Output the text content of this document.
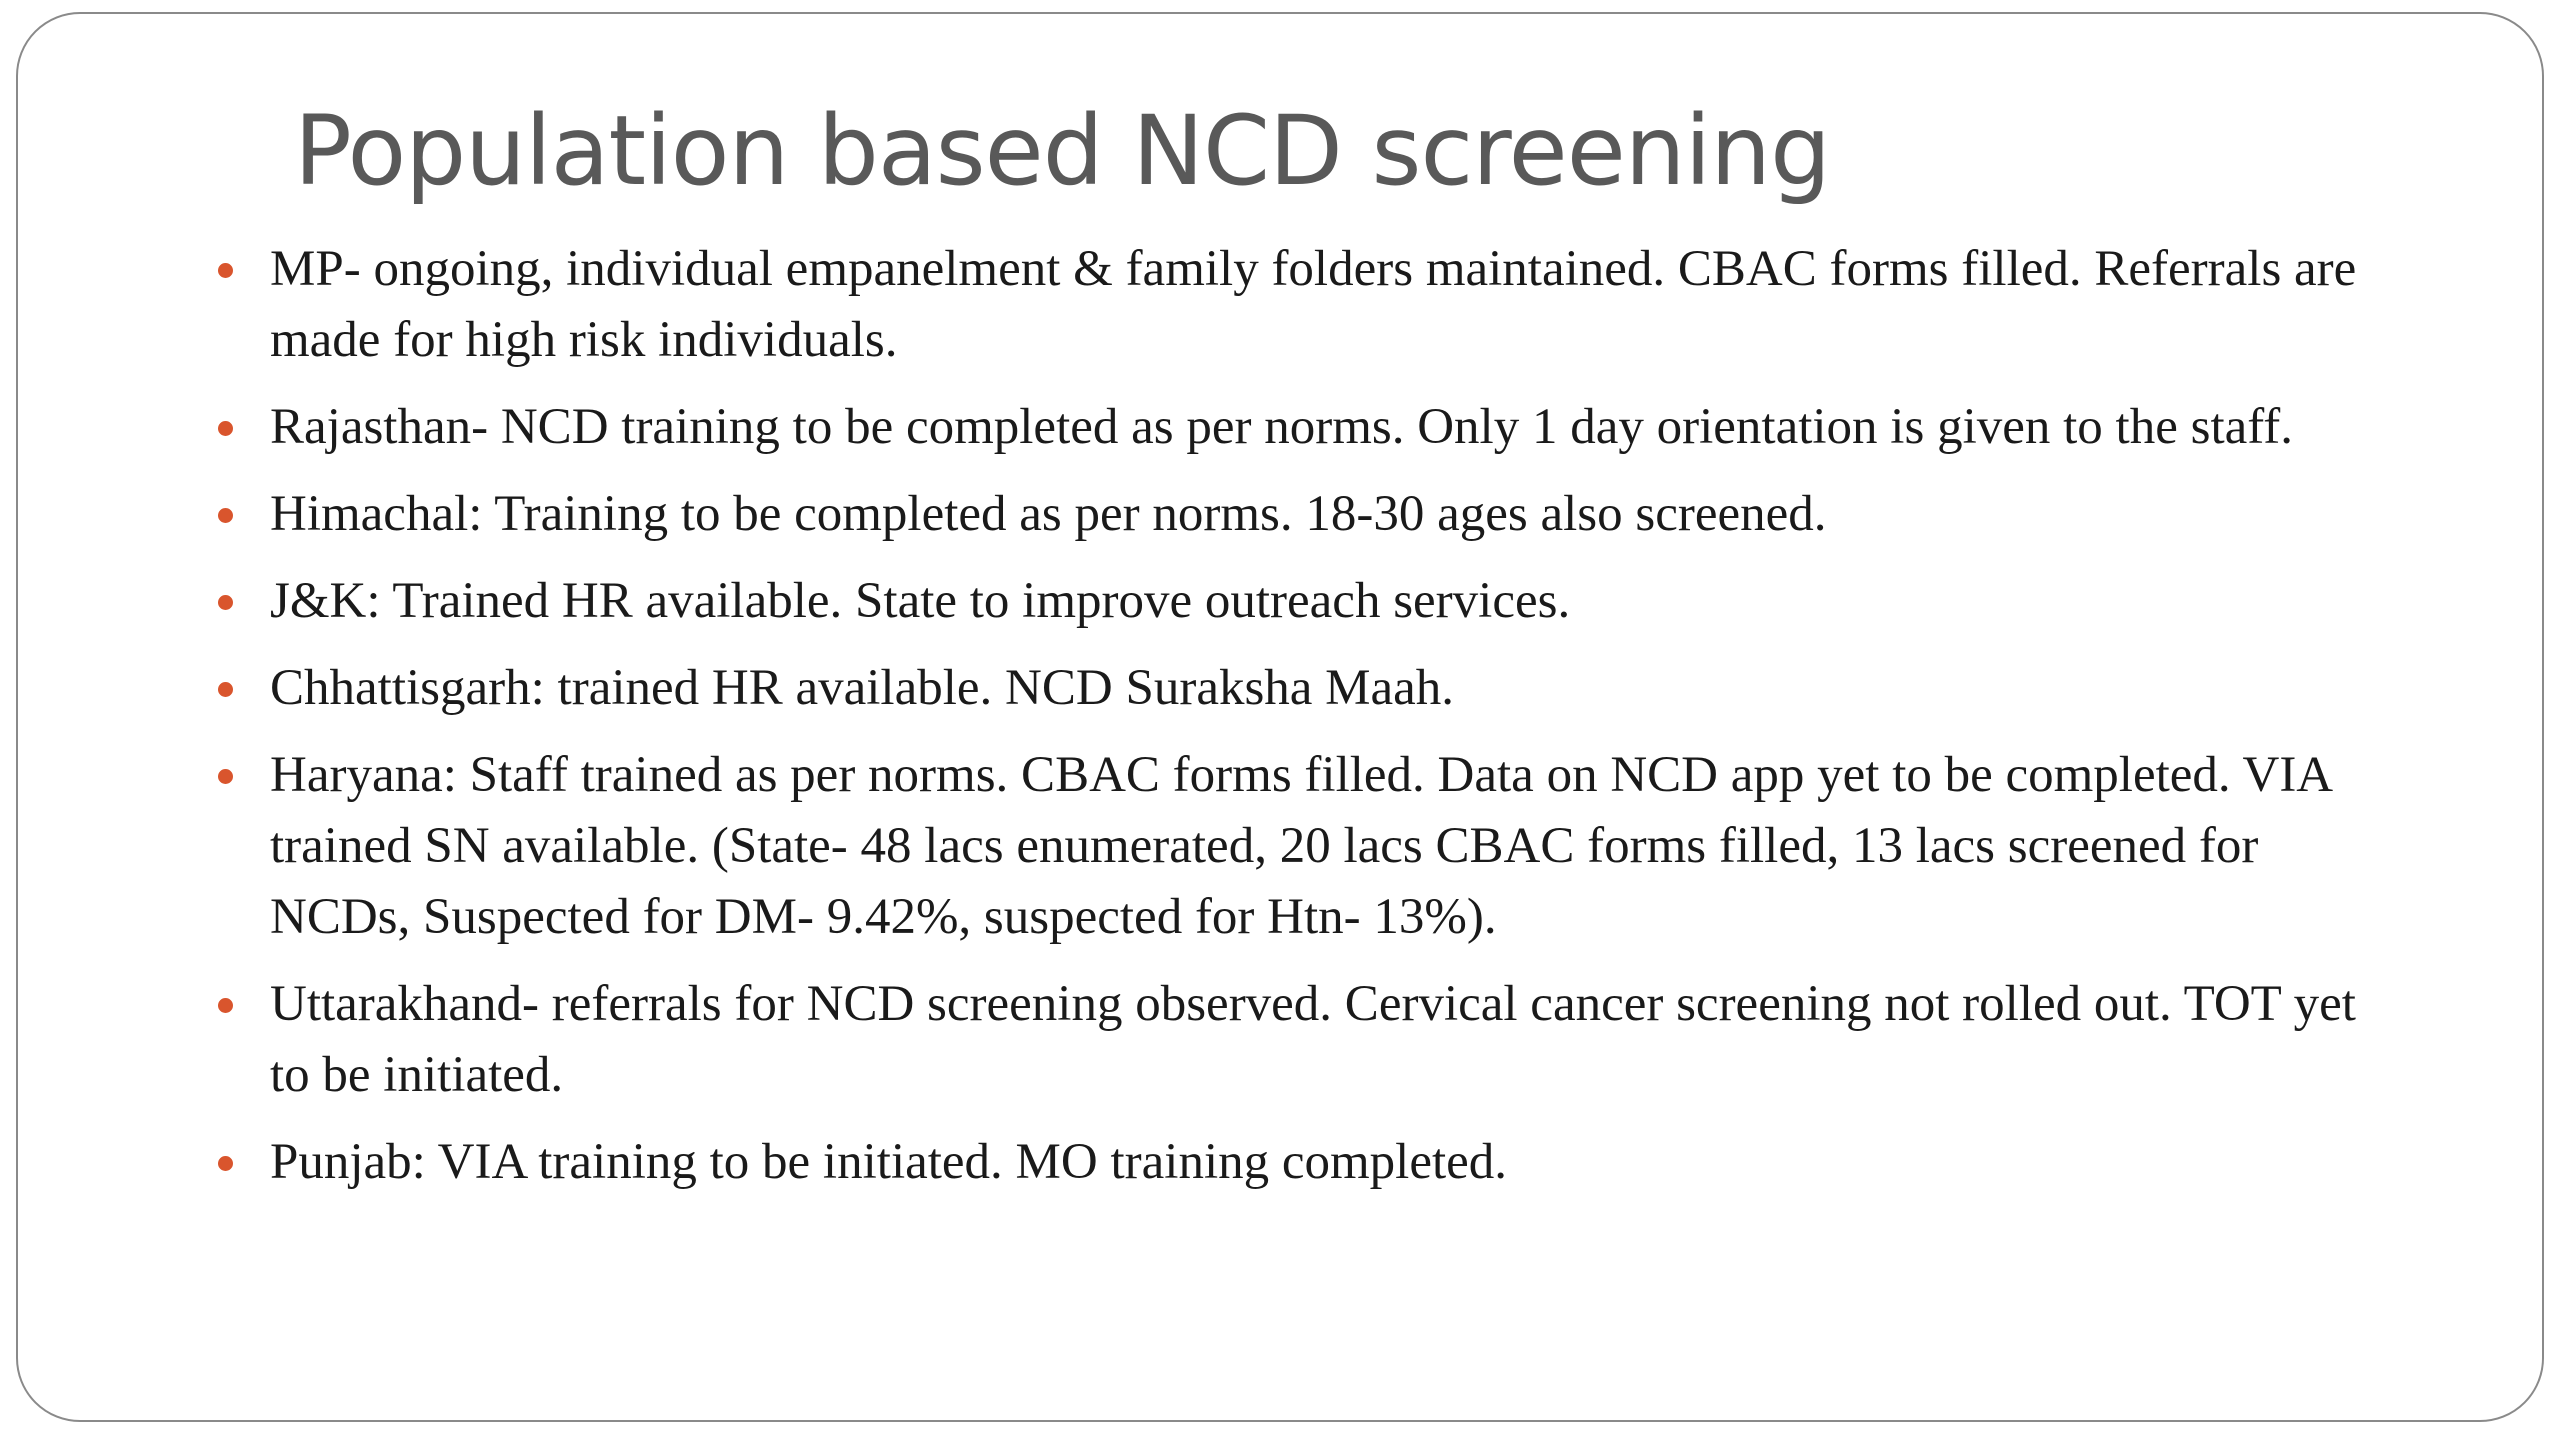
Population based NCD screening
MP- ongoing, individual empanelment & family folders maintained. CBAC forms filled. Referrals are made for high risk individuals.
Rajasthan- NCD training to be completed as per norms. Only 1 day orientation is given to the staff.
Himachal: Training to be completed as per norms. 18-30 ages also screened.
J&K: Trained HR available. State to improve outreach services.
Chhattisgarh: trained HR available. NCD Suraksha Maah.
Haryana: Staff trained as per norms. CBAC forms filled. Data on NCD app yet to be completed. VIA trained SN available. (State- 48 lacs enumerated, 20 lacs CBAC forms filled, 13 lacs screened for NCDs, Suspected for DM- 9.42%, suspected for Htn- 13%).
Uttarakhand- referrals for NCD screening observed. Cervical cancer screening not rolled out. TOT yet to be initiated.
Punjab: VIA training to be initiated. MO training completed.
